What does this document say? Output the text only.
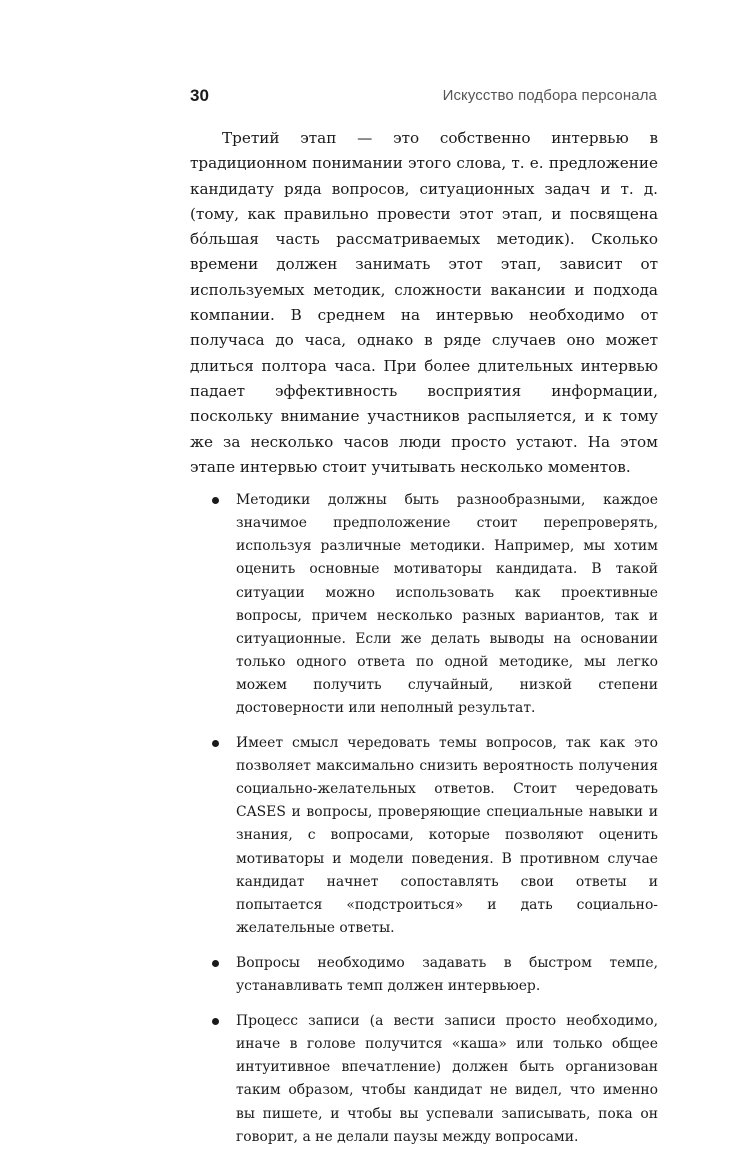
30	Искусство подбора персонала

Третий этап — это собственно интервью в традиционном понимании этого слова, т. е. предложение кандидату ряда вопросов, ситуационных задач и т. д. (тому, как правильно провести этот этап, и посвящена бóльшая часть рассматриваемых методик). Сколько времени должен занимать этот этап, зависит от используемых методик, сложности вакансии и подхода компании. В среднем на интервью необходимо от получаса до часа, однако в ряде случаев оно может длиться полтора часа. При более длительных интервью падает эффективность восприятия информации, поскольку внимание участников распыляется, и к тому же за несколько часов люди просто устают. На этом этапе интервью стоит учитывать несколько моментов.

Методики должны быть разнообразными, каждое значимое предположение стоит перепроверять, используя различные методики. Например, мы хотим оценить основные мотиваторы кандидата. В такой ситуации можно использовать как проективные вопросы, причем несколько разных вариантов, так и ситуационные. Если же делать выводы на основании только одного ответа по одной методике, мы легко можем получить случайный, низкой степени достоверности или неполный результат.
Имеет смысл чередовать темы вопросов, так как это позволяет максимально снизить вероятность получения социально-желательных ответов. Стоит чередовать CASES и вопросы, проверяющие специальные навыки и знания, с вопросами, которые позволяют оценить мотиваторы и модели поведения. В противном случае кандидат начнет сопоставлять свои ответы и попытается «подстроиться» и дать социально-желательные ответы.
Вопросы необходимо задавать в быстром темпе, устанавливать темп должен интервьюер.
Процесс записи (а вести записи просто необходимо, иначе в голове получится «каша» или только общее интуитивное впечатление) должен быть организован таким образом, чтобы кандидат не видел, что именно вы пишете, и чтобы вы успевали записывать, пока он говорит, а не делали паузы между вопросами.
